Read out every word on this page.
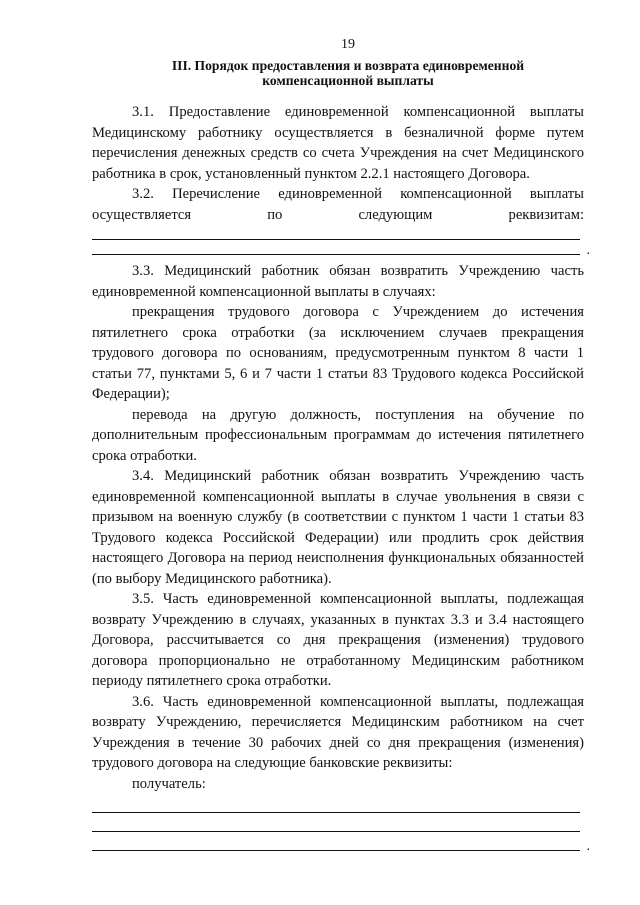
19
III. Порядок предоставления и возврата единовременной
компенсационной выплаты

3.1. Предоставление единовременной компенсационной выплаты Медицинскому работнику осуществляется в безналичной форме путем перечисления денежных средств со счета Учреждения на счет Медицинского работника в срок, установленный пунктом 2.2.1 настоящего Договора.

3.2. Перечисление единовременной компенсационной выплаты осуществляется по следующим реквизитам:

.

3.3. Медицинский работник обязан возвратить Учреждению часть единовременной компенсационной выплаты в случаях:

прекращения трудового договора с Учреждением до истечения пятилетнего срока отработки (за исключением случаев прекращения трудового договора по основаниям, предусмотренным пунктом 8 части 1 статьи 77, пунктами 5, 6 и 7 части 1 статьи 83 Трудового кодекса Российской Федерации);

перевода на другую должность, поступления на обучение по дополнительным профессиональным программам до истечения пятилетнего срока отработки.

3.4. Медицинский работник обязан возвратить Учреждению часть единовременной компенсационной выплаты в случае увольнения в связи с призывом на военную службу (в соответствии с пунктом 1 части 1 статьи 83 Трудового кодекса Российской Федерации) или продлить срок действия настоящего Договора на период неисполнения функциональных обязанностей (по выбору Медицинского работника).

3.5. Часть единовременной компенсационной выплаты, подлежащая возврату Учреждению в случаях, указанных в пунктах 3.3 и 3.4 настоящего Договора, рассчитывается со дня прекращения (изменения) трудового договора пропорционально не отработанному Медицинским работником периоду пятилетнего срока отработки.

3.6. Часть единовременной компенсационной выплаты, подлежащая возврату Учреждению, перечисляется Медицинским работником на счет Учреждения в течение 30 рабочих дней со дня прекращения (изменения) трудового договора на следующие банковские реквизиты:

получатель:

.
